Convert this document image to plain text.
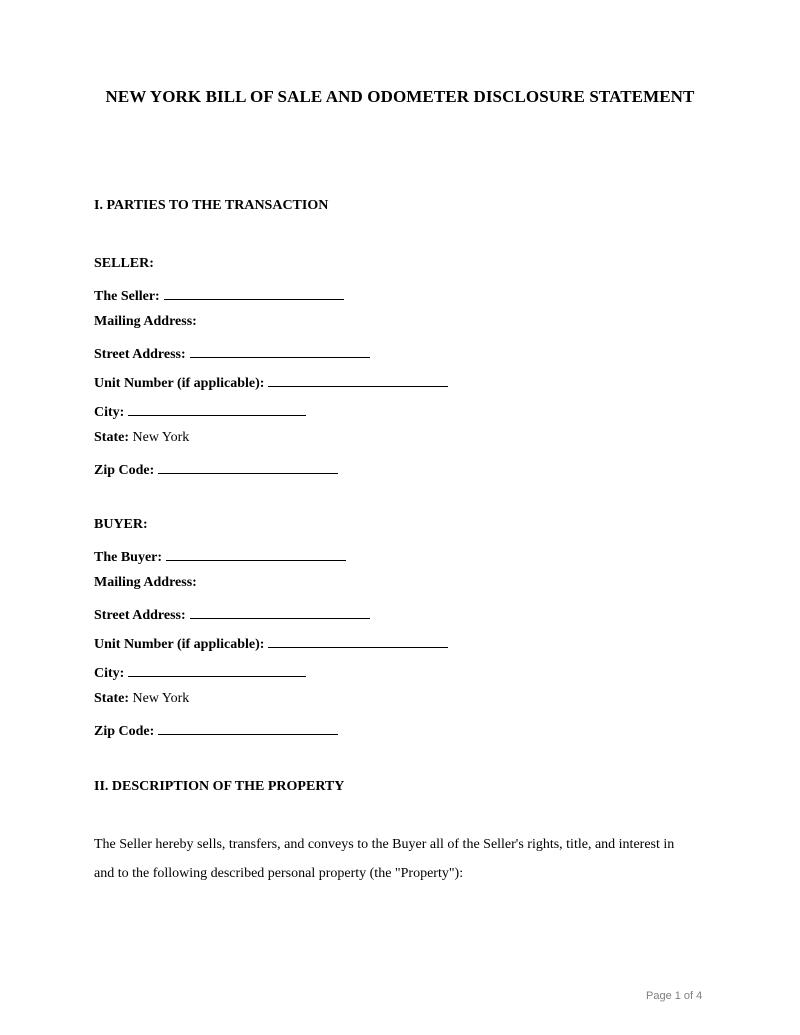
NEW YORK BILL OF SALE AND ODOMETER DISCLOSURE STATEMENT
I. PARTIES TO THE TRANSACTION
SELLER:
The Seller:
Mailing Address:
Street Address:
Unit Number (if applicable):
City:
State: New York
Zip Code:
BUYER:
The Buyer:
Mailing Address:
Street Address:
Unit Number (if applicable):
City:
State: New York
Zip Code:
II. DESCRIPTION OF THE PROPERTY
The Seller hereby sells, transfers, and conveys to the Buyer all of the Seller's rights, title, and interest in
and to the following described personal property (the "Property"):
Page 1 of 4
